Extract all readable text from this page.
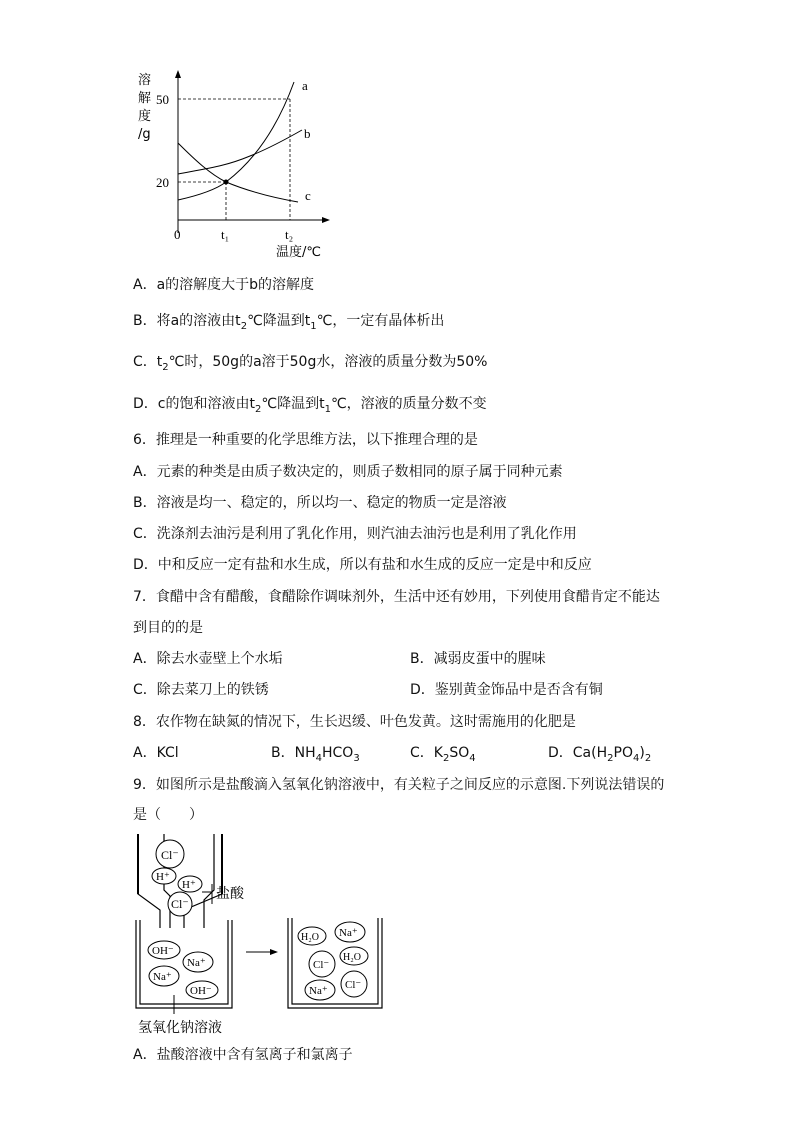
溶
解
度
/g
50
20
0	t₁	t₂
温度/℃
a
b
c
A．a的溶解度大于b的溶解度
B．将a的溶液由$t_2℃$降温到$t_1℃$，一定有晶体析出
C．$t_2℃$时，50g的a溶于50g水，溶液的质量分数为50%
D．c的饱和溶液由$t_2℃$降温到$t_1℃$，溶液的质量分数不变
6．推理是一种重要的化学思维方法，以下推理合理的是
A．元素的种类是由质子数决定的，则质子数相同的原子属于同种元素
B．溶液是均一、稳定的，所以均一、稳定的物质一定是溶液
C．洗涤剂去油污是利用了乳化作用，则汽油去油污也是利用了乳化作用
D．中和反应一定有盐和水生成，所以有盐和水生成的反应一定是中和反应
7．食醋中含有醋酸，食醋除作调味剂外，生活中还有妙用，下列使用食醋肯定不能达
到目的的是
A．除去水壶壁上个水垢	B．减弱皮蛋中的腥味
C．除去菜刀上的铁锈	D．鉴别黄金饰品中是否含有铜
8．农作物在缺氮的情况下，生长迟缓、叶色发黄。这时需施用的化肥是
A．KCl	B．$NH_4HCO_3$	C．$K_2SO_4$	D．$Ca(H_2PO_4)_2$
9．如图所示是盐酸滴入氢氧化钠溶液中，有关粒子之间反应的示意图.下列说法错误的
是（　　）
Cl⁻
H⁺
H⁺
Cl⁻
盐酸
OH⁻
Na⁺
Na⁺
OH⁻
氢氧化钠溶液
H₂O Na⁺
Cl⁻
H₂O
Na⁺ Cl⁻
A．盐酸溶液中含有氢离子和氯离子
